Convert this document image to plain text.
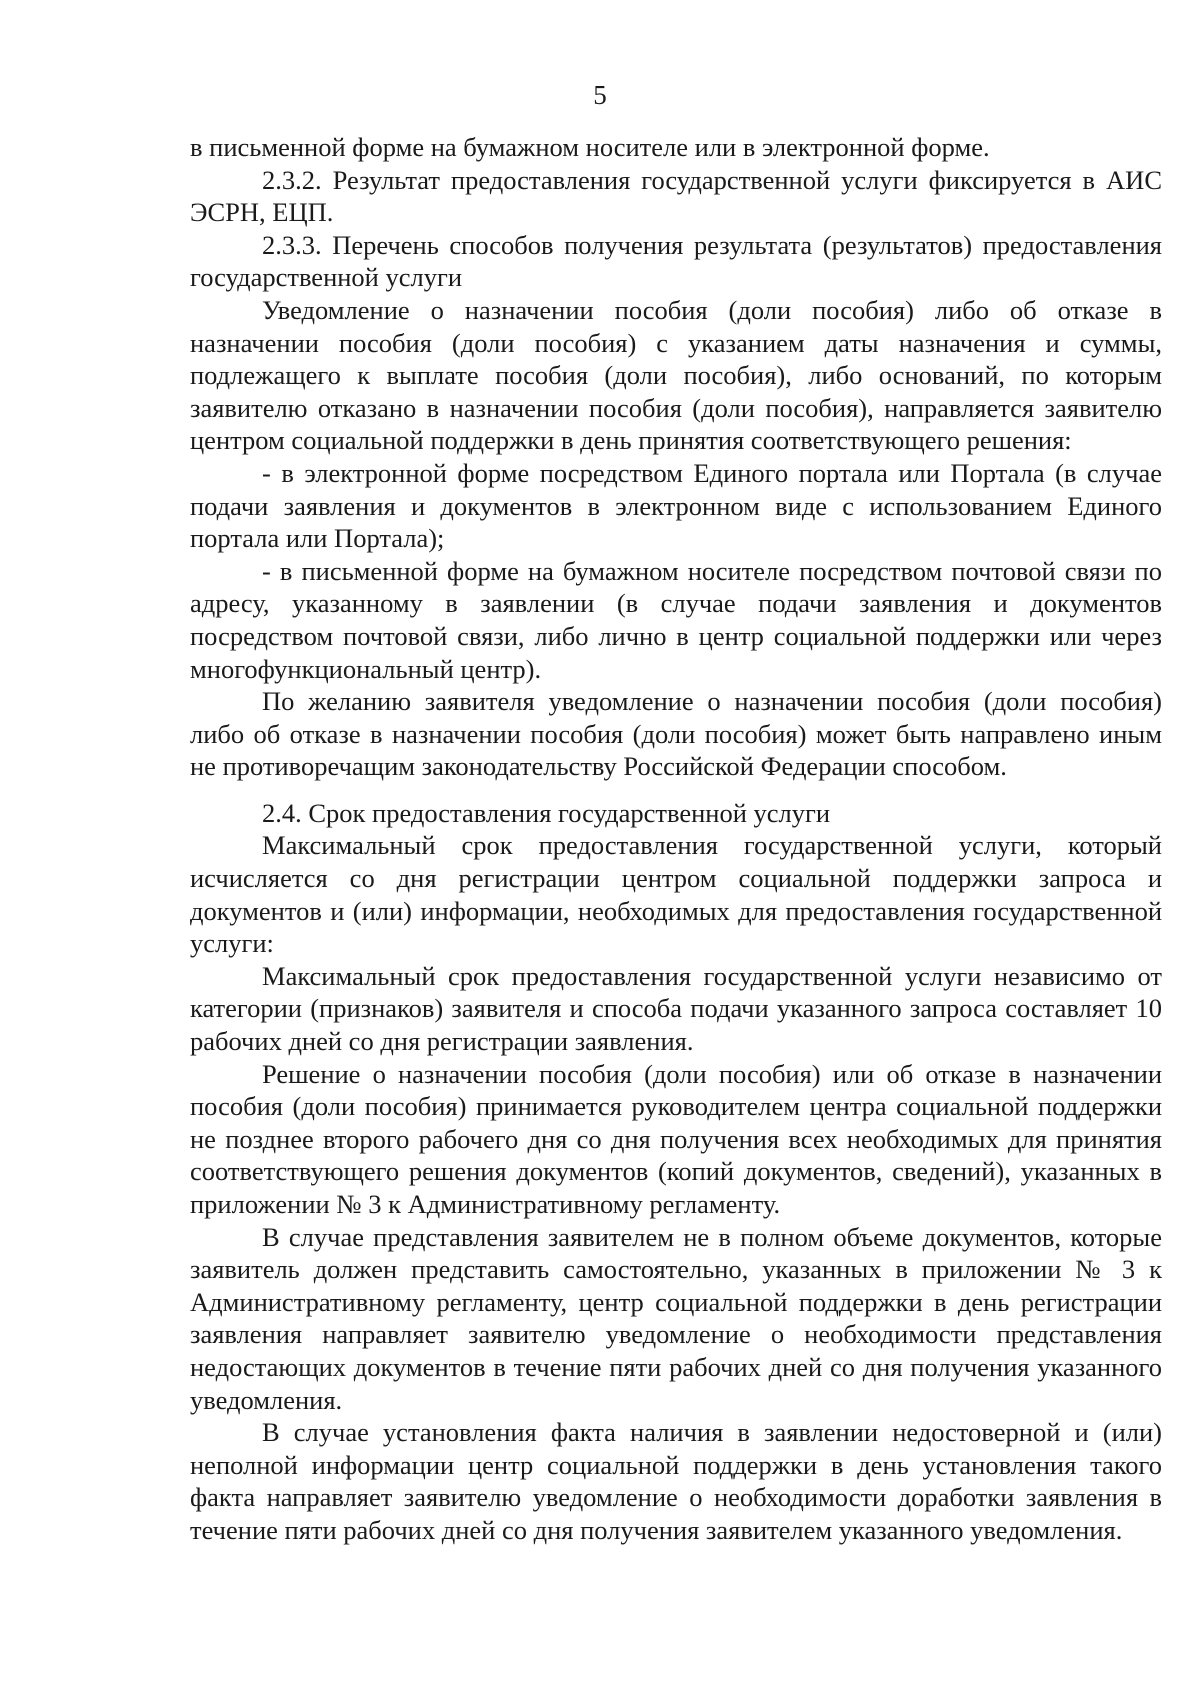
5

в письменной форме на бумажном носителе или в электронной форме.

2.3.2. Результат предоставления государственной услуги фиксируется в АИС ЭСРН, ЕЦП.

2.3.3. Перечень способов получения результата (результатов) предоставления государственной услуги

Уведомление о назначении пособия (доли пособия) либо об отказе в назначении пособия (доли пособия) с указанием даты назначения и суммы, подлежащего к выплате пособия (доли пособия), либо оснований, по которым заявителю отказано в назначении пособия (доли пособия), направляется заявителю центром социальной поддержки в день принятия соответствующего решения:

- в электронной форме посредством Единого портала или Портала (в случае подачи заявления и документов в электронном виде с использованием Единого портала или Портала);

- в письменной форме на бумажном носителе посредством почтовой связи по адресу, указанному в заявлении (в случае подачи заявления и документов посредством почтовой связи, либо лично в центр социальной поддержки или через многофункциональный центр).

По желанию заявителя уведомление о назначении пособия (доли пособия) либо об отказе в назначении пособия (доли пособия) может быть направлено иным не противоречащим законодательству Российской Федерации способом.

2.4. Срок предоставления государственной услуги

Максимальный срок предоставления государственной услуги, который исчисляется со дня регистрации центром социальной поддержки запроса и документов и (или) информации, необходимых для предоставления государственной услуги:

Максимальный срок предоставления государственной услуги независимо от категории (признаков) заявителя и способа подачи указанного запроса составляет 10 рабочих дней со дня регистрации заявления.

Решение о назначении пособия (доли пособия) или об отказе в назначении пособия (доли пособия) принимается руководителем центра социальной поддержки не позднее второго рабочего дня со дня получения всех необходимых для принятия соответствующего решения документов (копий документов, сведений), указанных в приложении № 3 к Административному регламенту.

В случае представления заявителем не в полном объеме документов, которые заявитель должен представить самостоятельно, указанных в приложении № 3 к Административному регламенту, центр социальной поддержки в день регистрации заявления направляет заявителю уведомление о необходимости представления недостающих документов в течение пяти рабочих дней со дня получения указанного уведомления.

В случае установления факта наличия в заявлении недостоверной и (или) неполной информации центр социальной поддержки в день установления такого факта направляет заявителю уведомление о необходимости доработки заявления в течение пяти рабочих дней со дня получения заявителем указанного уведомления.
